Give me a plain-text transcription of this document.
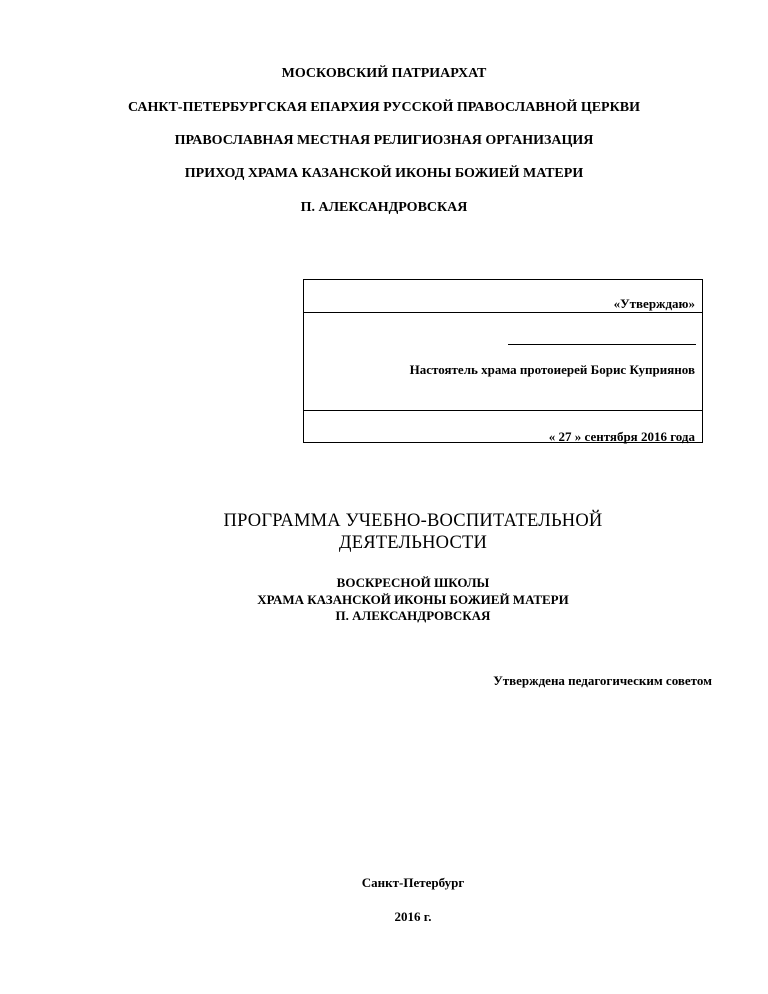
МОСКОВСКИЙ ПАТРИАРХАТ
САНКТ-ПЕТЕРБУРГСКАЯ ЕПАРХИЯ РУССКОЙ ПРАВОСЛАВНОЙ ЦЕРКВИ
ПРАВОСЛАВНАЯ МЕСТНАЯ РЕЛИГИОЗНАЯ ОРГАНИЗАЦИЯ
ПРИХОД ХРАМА КАЗАНСКОЙ ИКОНЫ БОЖИЕЙ МАТЕРИ
П. АЛЕКСАНДРОВСКАЯ
«Утверждаю»
Настоятель храма протоиерей Борис Куприянов
« 27 » сентября 2016 года
ПРОГРАММА УЧЕБНО-ВОСПИТАТЕЛЬНОЙ
ДЕЯТЕЛЬНОСТИ
ВОСКРЕСНОЙ ШКОЛЫ
ХРАМА КАЗАНСКОЙ ИКОНЫ БОЖИЕЙ МАТЕРИ
П. АЛЕКСАНДРОВСКАЯ
Утверждена педагогическим советом
Санкт-Петербург
2016 г.
